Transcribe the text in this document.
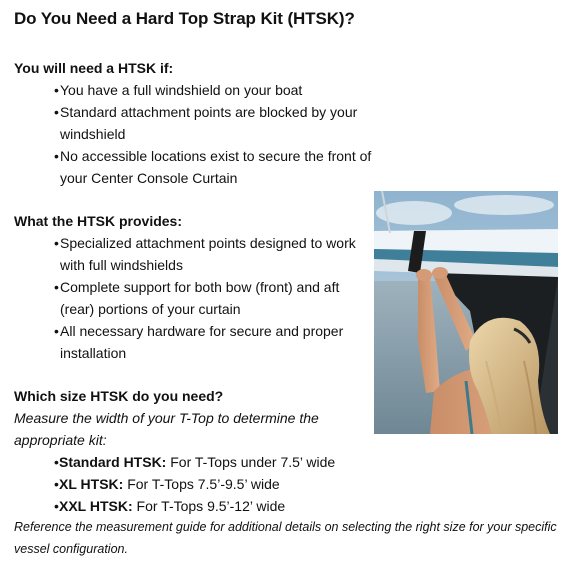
Do You Need a Hard Top Strap Kit (HTSK)?
You will need a HTSK if:
• You have a full windshield on your boat
• Standard attachment points are blocked by your windshield
• No accessible locations exist to secure the front of your Center Console Curtain
What the HTSK provides:
• Specialized attachment points designed to work with full windshields
• Complete support for both bow (front) and aft (rear) portions of your curtain
• All necessary hardware for secure and proper installation
Which size HTSK do you need?

Measure the width of your T-Top to determine the appropriate kit:

• Standard HTSK: For T-Tops under 7.5’ wide
• XL HTSK: For T-Tops 7.5’-9.5’ wide
• XXL HTSK: For T-Tops 9.5’-12’ wide

Reference the measurement guide for additional details on selecting the right size for your specific vessel configuration.
